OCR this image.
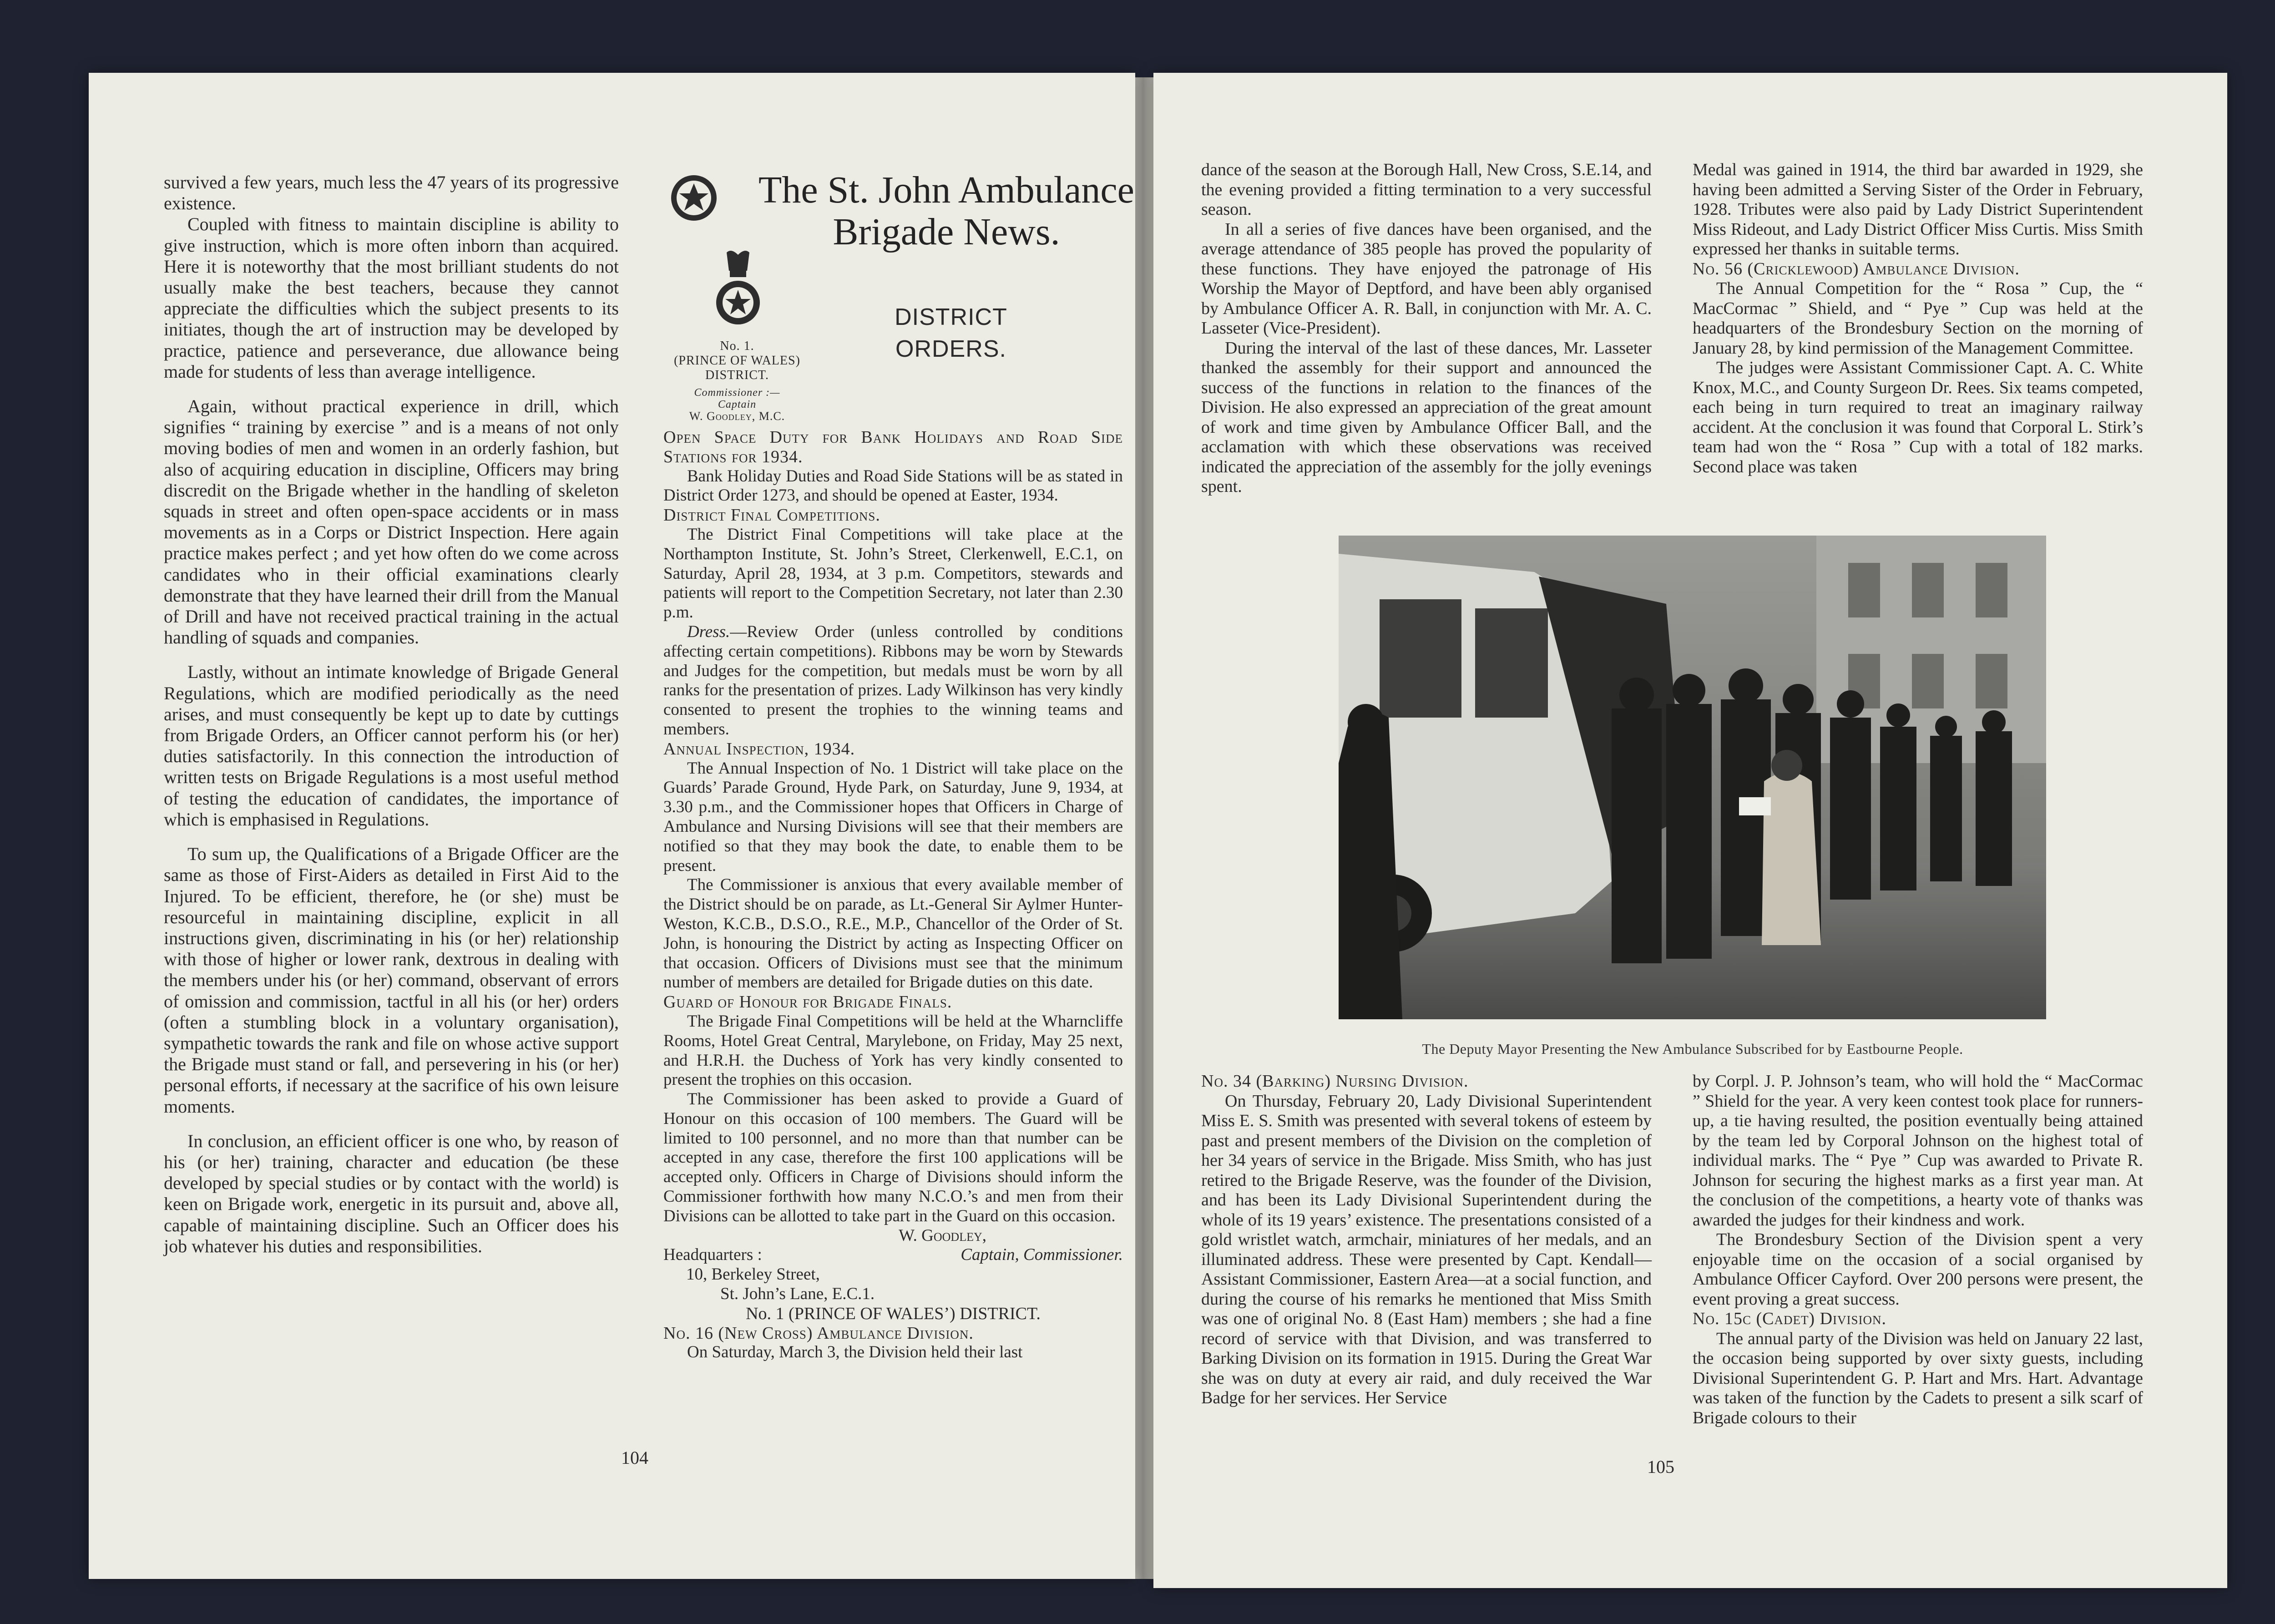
survived a few years, much less the 47 years of its progressive existence.

Coupled with fitness to maintain discipline is ability to give instruction, which is more often inborn than acquired. Here it is noteworthy that the most brilliant students do not usually make the best teachers, because they cannot appreciate the difficulties which the subject presents to its initiates, though the art of instruction may be developed by practice, patience and perseverance, due allowance being made for students of less than average intelligence.

Again, without practical experience in drill, which signifies “ training by exercise ” and is a means of not only moving bodies of men and women in an orderly fashion, but also of acquiring education in discipline, Officers may bring discredit on the Brigade whether in the handling of skeleton squads in street and often open-space accidents or in mass movements as in a Corps or District Inspection. Here again practice makes perfect ; and yet how often do we come across candidates who in their official examinations clearly demonstrate that they have learned their drill from the Manual of Drill and have not received practical training in the actual handling of squads and companies.

Lastly, without an intimate knowledge of Brigade General Regulations, which are modified periodically as the need arises, and must consequently be kept up to date by cuttings from Brigade Orders, an Officer cannot perform his (or her) duties satisfactorily. In this connection the introduction of written tests on Brigade Regulations is a most useful method of testing the education of candidates, the importance of which is emphasised in Regulations.

To sum up, the Qualifications of a Brigade Officer are the same as those of First-Aiders as detailed in First Aid to the Injured. To be efficient, therefore, he (or she) must be resourceful in maintaining discipline, explicit in all instructions given, discriminating in his (or her) relationship with those of higher or lower rank, dextrous in dealing with the members under his (or her) command, observant of errors of omission and commission, tactful in all his (or her) orders (often a stumbling block in a voluntary organisation), sympathetic towards the rank and file on whose active support the Brigade must stand or fall, and persevering in his (or her) personal efforts, if necessary at the sacrifice of his own leisure moments.

In conclusion, an efficient officer is one who, by reason of his (or her) training, character and education (be these developed by special studies or by contact with the world) is keen on Brigade work, energetic in its pursuit and, above all, capable of maintaining discipline. Such an Officer does his job whatever his duties and responsibilities.

The St. John Ambulance
Brigade News.
No. 1.
(PRINCE OF WALES)
DISTRICT.
Commissioner :—
Captain
W. Goodley, M.C.
DISTRICT
ORDERS.

Open Space Duty for Bank Holidays and Road Side Stations for 1934.

Bank Holiday Duties and Road Side Stations will be as stated in District Order 1273, and should be opened at Easter, 1934.

District Final Competitions.

The District Final Competitions will take place at the Northampton Institute, St. John’s Street, Clerkenwell, E.C.1, on Saturday, April 28, 1934, at 3 p.m. Competitors, stewards and patients will report to the Competition Secretary, not later than 2.30 p.m.

Dress.—Review Order (unless controlled by conditions affecting certain competitions). Ribbons may be worn by Stewards and Judges for the competition, but medals must be worn by all ranks for the presentation of prizes. Lady Wilkinson has very kindly consented to present the trophies to the winning teams and members.

Annual Inspection, 1934.

The Annual Inspection of No. 1 District will take place on the Guards’ Parade Ground, Hyde Park, on Saturday, June 9, 1934, at 3.30 p.m., and the Commissioner hopes that Officers in Charge of Ambulance and Nursing Divisions will see that their members are notified so that they may book the date, to enable them to be present.

The Commissioner is anxious that every available member of the District should be on parade, as Lt.-General Sir Aylmer Hunter-Weston, K.C.B., D.S.O., R.E., M.P., Chancellor of the Order of St. John, is honouring the District by acting as Inspecting Officer on that occasion. Officers of Divisions must see that the minimum number of members are detailed for Brigade duties on this date.

Guard of Honour for Brigade Finals.

The Brigade Final Competitions will be held at the Wharncliffe Rooms, Hotel Great Central, Marylebone, on Friday, May 25 next, and H.R.H. the Duchess of York has very kindly consented to present the trophies on this occasion.

The Commissioner has been asked to provide a Guard of Honour on this occasion of 100 members. The Guard will be limited to 100 personnel, and no more than that number can be accepted in any case, therefore the first 100 applications will be accepted only. Officers in Charge of Divisions should inform the Commissioner forthwith how many N.C.O.’s and men from their Divisions can be allotted to take part in the Guard on this occasion.

W. Goodley,

Headquarters :	Captain, Commissioner.

10, Berkeley Street,

St. John’s Lane, E.C.1.

No. 1 (PRINCE OF WALES’) DISTRICT.

No. 16 (New Cross) Ambulance Division.

On Saturday, March 3, the Division held their last

104

dance of the season at the Borough Hall, New Cross, S.E.14, and the evening provided a fitting termination to a very successful season.

In all a series of five dances have been organised, and the average attendance of 385 people has proved the popularity of these functions. They have enjoyed the patronage of His Worship the Mayor of Deptford, and have been ably organised by Ambulance Officer A. R. Ball, in conjunction with Mr. A. C. Lasseter (Vice-President).

During the interval of the last of these dances, Mr. Lasseter thanked the assembly for their support and announced the success of the functions in relation to the finances of the Division. He also expressed an appreciation of the great amount of work and time given by Ambulance Officer Ball, and the acclamation with which these observations was received indicated the appreciation of the assembly for the jolly evenings spent.

Medal was gained in 1914, the third bar awarded in 1929, she having been admitted a Serving Sister of the Order in February, 1928. Tributes were also paid by Lady District Superintendent Miss Rideout, and Lady District Officer Miss Curtis. Miss Smith expressed her thanks in suitable terms.

No. 56 (Cricklewood) Ambulance Division.

The Annual Competition for the “ Rosa ” Cup, the “ MacCormac ” Shield, and “ Pye ” Cup was held at the headquarters of the Brondesbury Section on the morning of January 28, by kind permission of the Management Committee.

The judges were Assistant Commissioner Capt. A. C. White Knox, M.C., and County Surgeon Dr. Rees. Six teams competed, each being in turn required to treat an imaginary railway accident. At the conclusion it was found that Corporal L. Stirk’s team had won the “ Rosa ” Cup with a total of 182 marks. Second place was taken

The Deputy Mayor Presenting the New Ambulance Subscribed for by Eastbourne People.

No. 34 (Barking) Nursing Division.

On Thursday, February 20, Lady Divisional Superintendent Miss E. S. Smith was presented with several tokens of esteem by past and present members of the Division on the completion of her 34 years of service in the Brigade. Miss Smith, who has just retired to the Brigade Reserve, was the founder of the Division, and has been its Lady Divisional Superintendent during the whole of its 19 years’ existence. The presentations consisted of a gold wristlet watch, armchair, miniatures of her medals, and an illuminated address. These were presented by Capt. Kendall—Assistant Commissioner, Eastern Area—at a social function, and during the course of his remarks he mentioned that Miss Smith was one of original No. 8 (East Ham) members ; she had a fine record of service with that Division, and was transferred to Barking Division on its formation in 1915. During the Great War she was on duty at every air raid, and duly received the War Badge for her services. Her Service

by Corpl. J. P. Johnson’s team, who will hold the “ MacCormac ” Shield for the year. A very keen contest took place for runners-up, a tie having resulted, the position eventually being attained by the team led by Corporal Johnson on the highest total of individual marks. The “ Pye ” Cup was awarded to Private R. Johnson for securing the highest marks as a first year man. At the conclusion of the competitions, a hearty vote of thanks was awarded the judges for their kindness and work.

The Brondesbury Section of the Division spent a very enjoyable time on the occasion of a social organised by Ambulance Officer Cayford. Over 200 persons were present, the event proving a great success.

No. 15c (Cadet) Division.

The annual party of the Division was held on January 22 last, the occasion being supported by over sixty guests, including Divisional Superintendent G. P. Hart and Mrs. Hart. Advantage was taken of the function by the Cadets to present a silk scarf of Brigade colours to their

105
